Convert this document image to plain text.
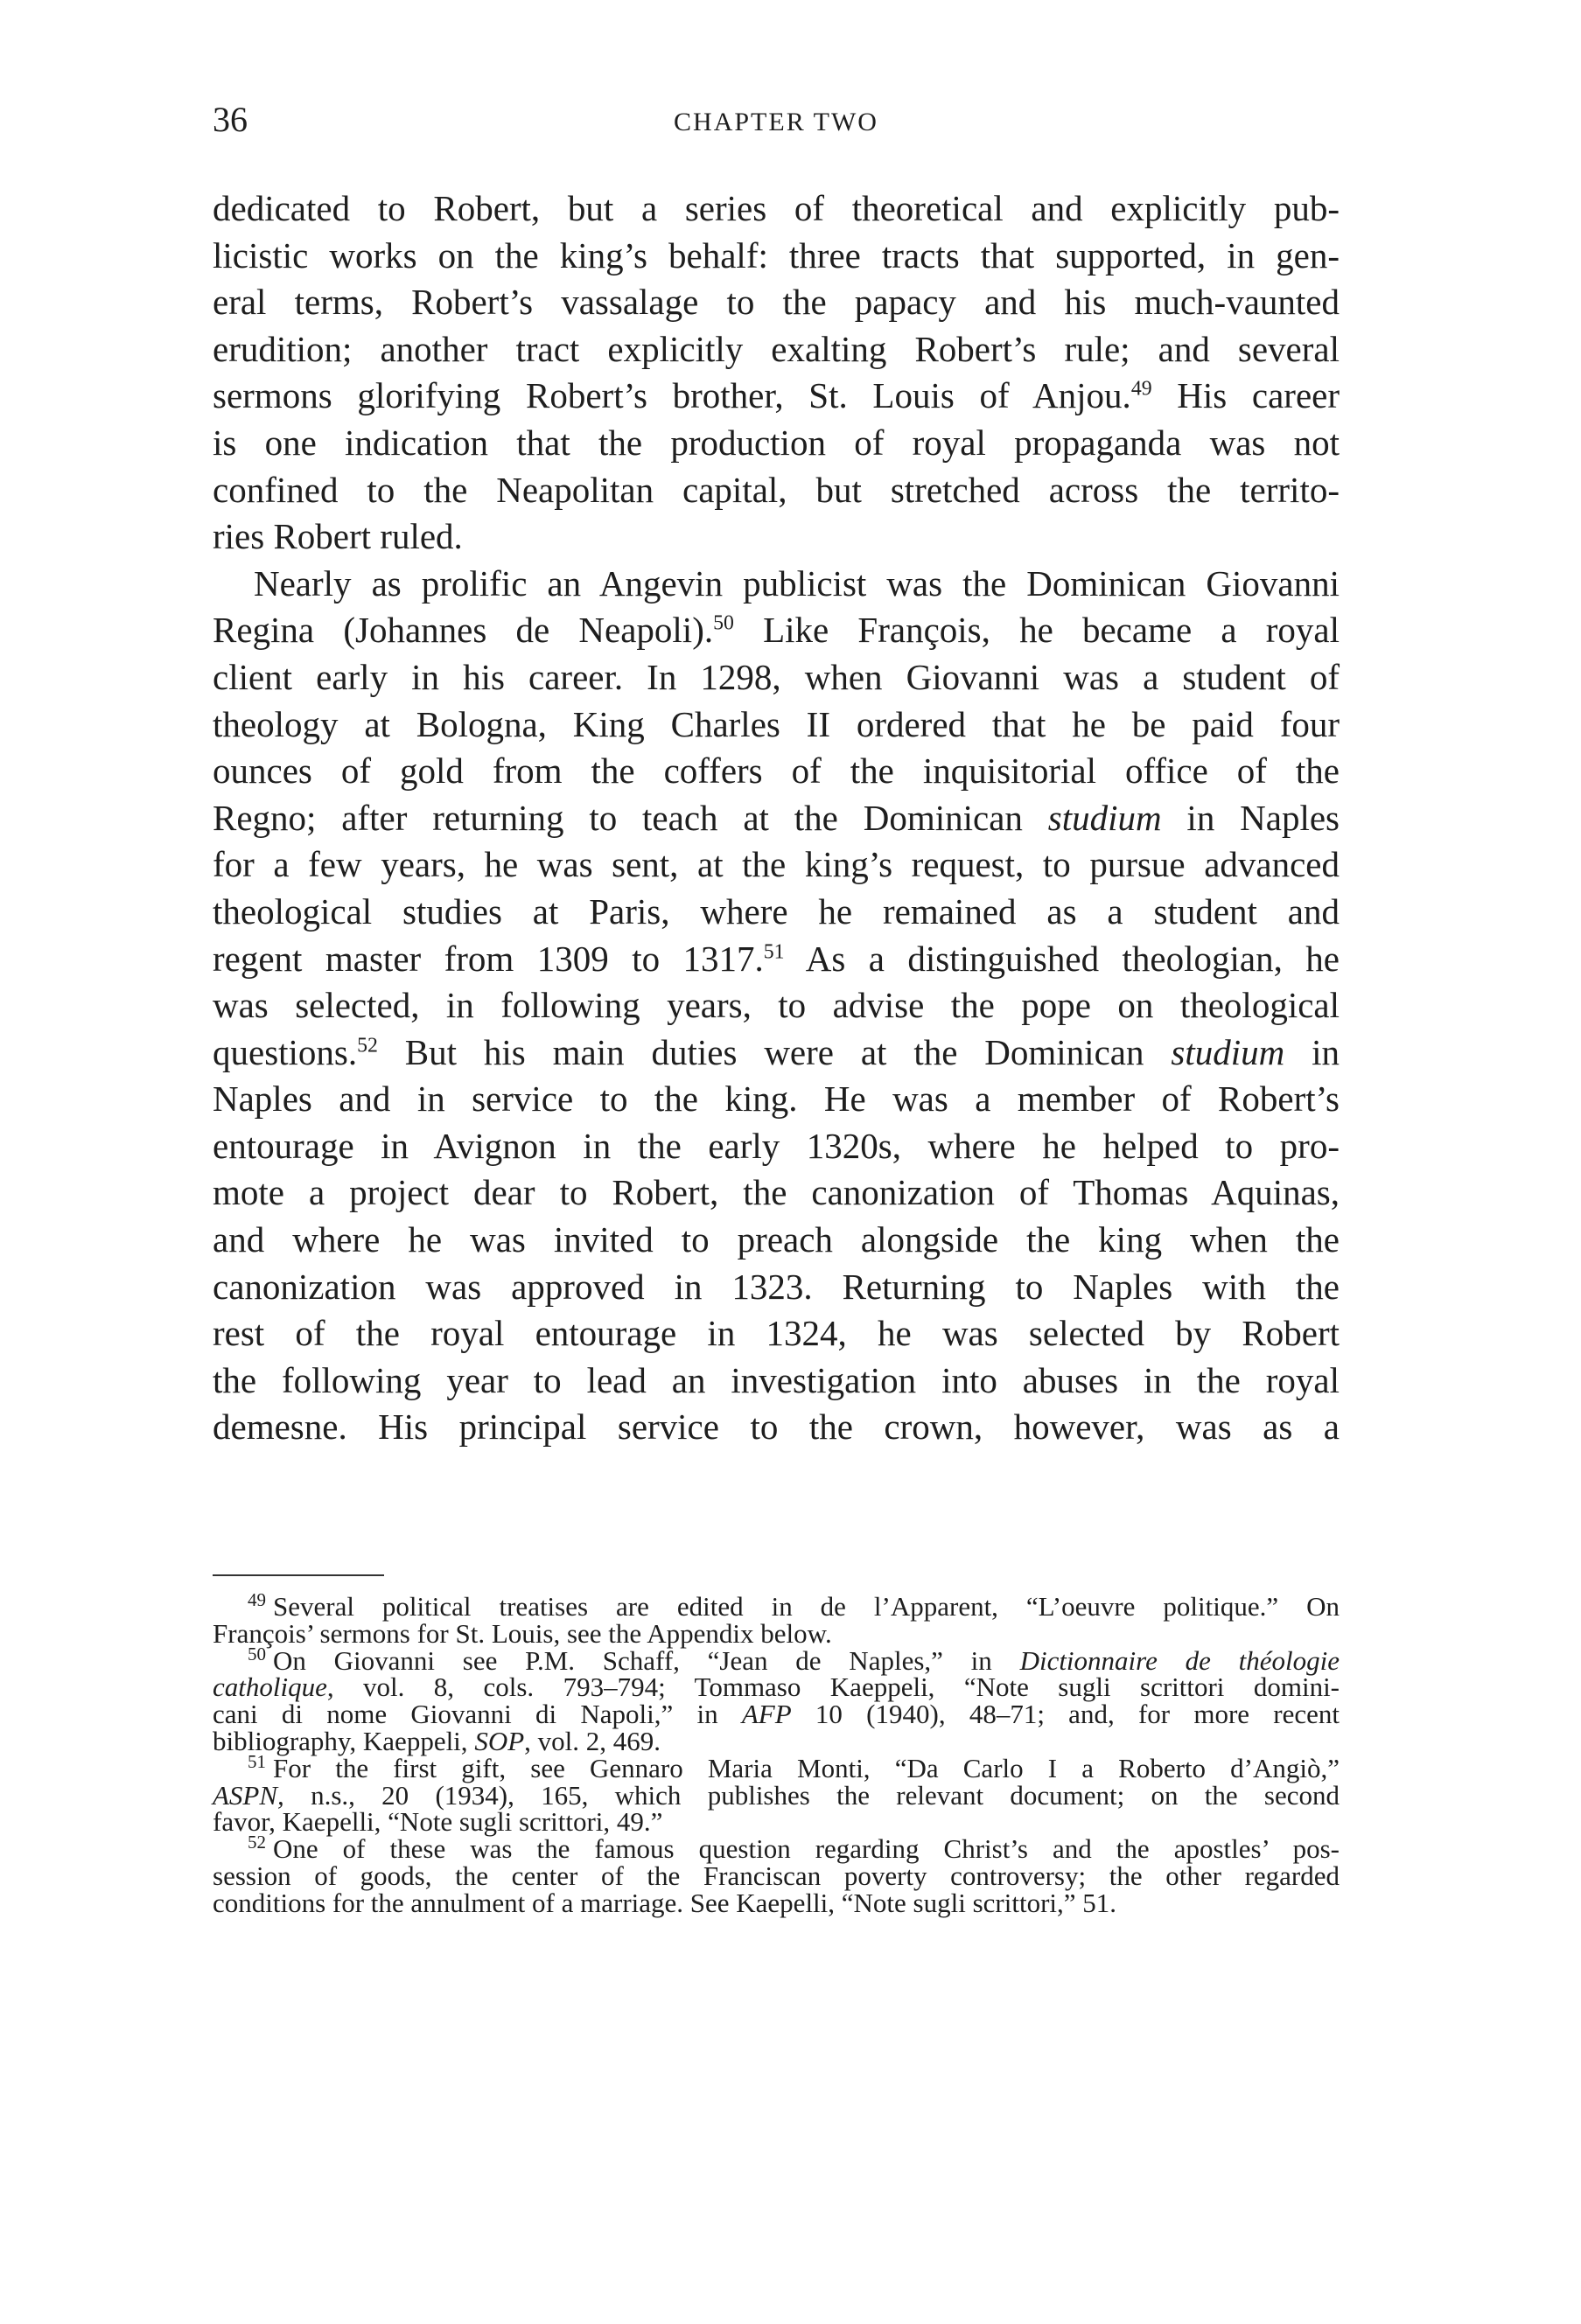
36	CHAPTER TWO
dedicated to Robert, but a series of theoretical and explicitly pub-
licistic works on the king’s behalf: three tracts that supported, in gen-
eral terms, Robert’s vassalage to the papacy and his much-vaunted
erudition; another tract explicitly exalting Robert’s rule; and several
sermons glorifying Robert’s brother, St. Louis of Anjou.$^{49}$ His career
is one indication that the production of royal propaganda was not
confined to the Neapolitan capital, but stretched across the territo-
ries Robert ruled.
Nearly as prolific an Angevin publicist was the Dominican Giovanni
Regina (Johannes de Neapoli).$^{50}$ Like François, he became a royal
client early in his career. In 1298, when Giovanni was a student of
theology at Bologna, King Charles II ordered that he be paid four
ounces of gold from the coffers of the inquisitorial office of the
Regno; after returning to teach at the Dominican studium in Naples
for a few years, he was sent, at the king’s request, to pursue advanced
theological studies at Paris, where he remained as a student and
regent master from 1309 to 1317.51 As a distinguished theologian, he
was selected, in following years, to advise the pope on theological
questions.$^{52}$ But his main duties were at the Dominican studium in
Naples and in service to the king. He was a member of Robert’s
entourage in Avignon in the early 1320s, where he helped to pro-
mote a project dear to Robert, the canonization of Thomas Aquinas,
and where he was invited to preach alongside the king when the
canonization was approved in 1323. Returning to Naples with the
rest of the royal entourage in 1324, he was selected by Robert
the following year to lead an investigation into abuses in the royal
demesne. His principal service to the crown, however, was as a
$^{49}$ Several political treatises are edited in de l’Apparent, “L’oeuvre politique.” On
François’ sermons for St. Louis, see the Appendix below.
$^{50}$ On Giovanni see P.M. Schaff, “Jean de Naples,” in Dictionnaire de théologie
catholique, vol. 8, cols. 793–794; Tommaso Kaeppeli, “Note sugli scrittori domini-
cani di nome Giovanni di Napoli,” in AFP 10 (1940), 48–71; and, for more recent
bibliography, Kaeppeli, SOP, vol. 2, 469.
$^{51}$ For the first gift, see Gennaro Maria Monti, “Da Carlo I a Roberto d’Angiò,”
ASPN, n.s., 20 (1934), 165, which publishes the relevant document; on the second
favor, Kaepelli, “Note sugli scrittori, 49.”
$^{52}$ One of these was the famous question regarding Christ’s and the apostles’ pos-
session of goods, the center of the Franciscan poverty controversy; the other regarded
conditions for the annulment of a marriage. See Kaepelli, “Note sugli scrittori,” 51.
